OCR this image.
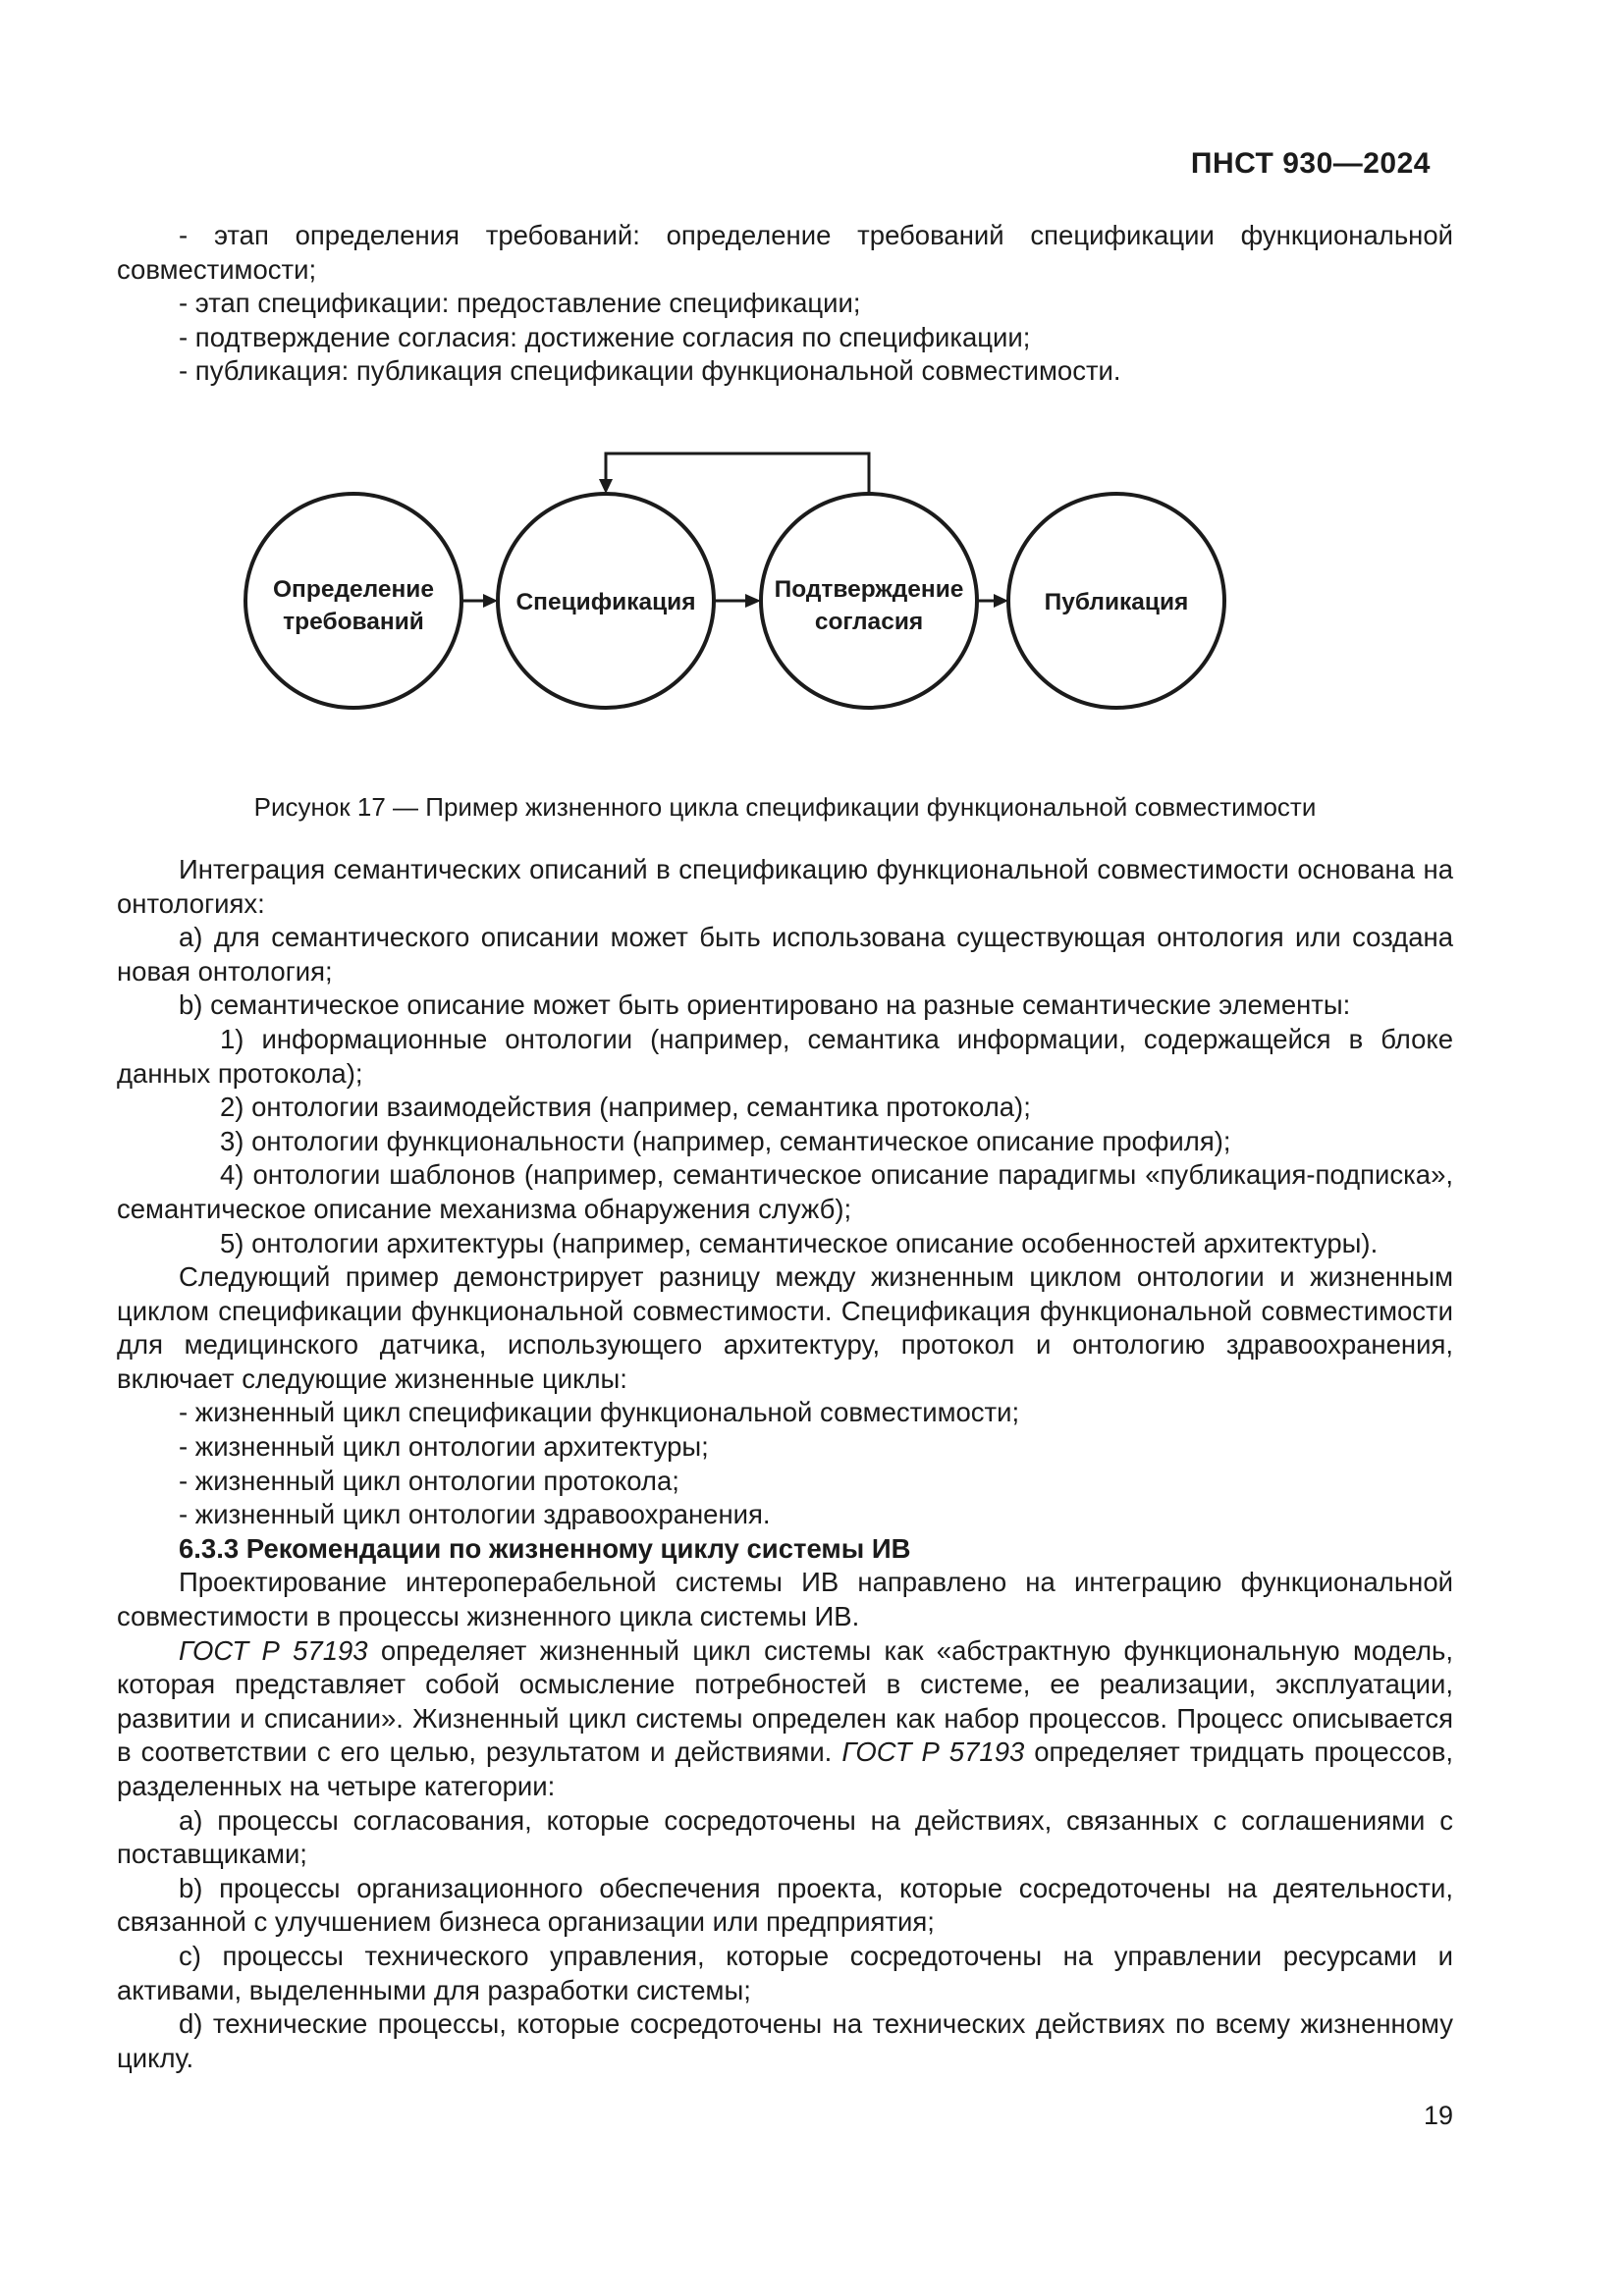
ПНСТ 930—2024

- этап определения требований: определение требований спецификации функциональной совместимости;

- этап спецификации: предоставление спецификации;

- подтверждение согласия: достижение согласия по спецификации;

- публикация: публикация спецификации функциональной совместимости.

Определение
требований
Спецификация	Подтверждение
согласия
Публикация
Рисунок 17 — Пример жизненного цикла спецификации функциональной совместимости

Интеграция семантических описаний в спецификацию функциональной совместимости основана на онтологиях:

a) для семантического описании может быть использована существующая онтология или создана новая онтология;

b) семантическое описание может быть ориентировано на разные семантические элементы:

1) информационные онтологии (например, семантика информации, содержащейся в блоке данных протокола);

2) онтологии взаимодействия (например, семантика протокола);

3) онтологии функциональности (например, семантическое описание профиля);

4) онтологии шаблонов (например, семантическое описание парадигмы «публикация-подписка», семантическое описание механизма обнаружения служб);

5) онтологии архитектуры (например, семантическое описание особенностей архитектуры).

Следующий пример демонстрирует разницу между жизненным циклом онтологии и жизненным циклом спецификации функциональной совместимости. Спецификация функциональной совместимости для медицинского датчика, использующего архитектуру, протокол и онтологию здравоохранения, включает следующие жизненные циклы:

- жизненный цикл спецификации функциональной совместимости;

- жизненный цикл онтологии архитектуры;

- жизненный цикл онтологии протокола;

- жизненный цикл онтологии здравоохранения.

6.3.3 Рекомендации по жизненному циклу системы ИВ

Проектирование интероперабельной системы ИВ направлено на интеграцию функциональной совместимости в процессы жизненного цикла системы ИВ.

ГОСТ Р 57193 определяет жизненный цикл системы как «абстрактную функциональную модель, которая представляет собой осмысление потребностей в системе, ее реализации, эксплуатации, развитии и списании». Жизненный цикл системы определен как набор процессов. Процесс описывается в соответствии с его целью, результатом и действиями. ГОСТ Р 57193 определяет тридцать процессов, разделенных на четыре категории:

a) процессы согласования, которые сосредоточены на действиях, связанных с соглашениями с поставщиками;

b) процессы организационного обеспечения проекта, которые сосредоточены на деятельности, связанной с улучшением бизнеса организации или предприятия;

c) процессы технического управления, которые сосредоточены на управлении ресурсами и активами, выделенными для разработки системы;

d) технические процессы, которые сосредоточены на технических действиях по всему жизненному циклу.

19
